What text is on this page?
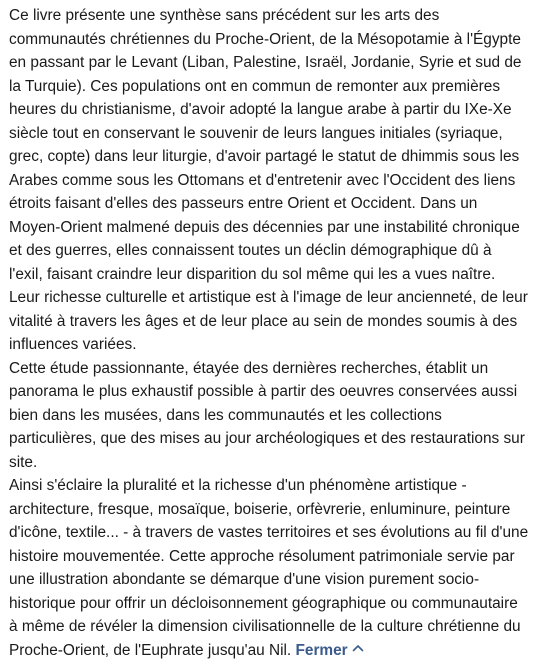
Ce livre présente une synthèse sans précédent sur les arts des communautés chrétiennes du Proche-Orient, de la Mésopotamie à l'Égypte en passant par le Levant (Liban, Palestine, Israël, Jordanie, Syrie et sud de la Turquie). Ces populations ont en commun de remonter aux premières heures du christianisme, d'avoir adopté la langue arabe à partir du IXe-Xe siècle tout en conservant le souvenir de leurs langues initiales (syriaque, grec, copte) dans leur liturgie, d'avoir partagé le statut de dhimmis sous les Arabes comme sous les Ottomans et d'entretenir avec l'Occident des liens étroits faisant d'elles des passeurs entre Orient et Occident. Dans un Moyen-Orient malmené depuis des décennies par une instabilité chronique et des guerres, elles connaissent toutes un déclin démographique dû à l'exil, faisant craindre leur disparition du sol même qui les a vues naître. Leur richesse culturelle et artistique est à l'image de leur ancienneté, de leur vitalité à travers les âges et de leur place au sein de mondes soumis à des influences variées.

Cette étude passionnante, étayée des dernières recherches, établit un panorama le plus exhaustif possible à partir des oeuvres conservées aussi bien dans les musées, dans les communautés et les collections particulières, que des mises au jour archéologiques et des restaurations sur site.

Ainsi s'éclaire la pluralité et la richesse d'un phénomène artistique - architecture, fresque, mosaïque, boiserie, orfèvrerie, enluminure, peinture d'icône, textile... - à travers de vastes territoires et ses évolutions au fil d'une histoire mouvementée. Cette approche résolument patrimoniale servie par une illustration abondante se démarque d'une vision purement socio-historique pour offrir un décloisonnement géographique ou communautaire à même de révéler la dimension civilisationnelle de la culture chrétienne du Proche-Orient, de l'Euphrate jusqu'au Nil. Fermer
